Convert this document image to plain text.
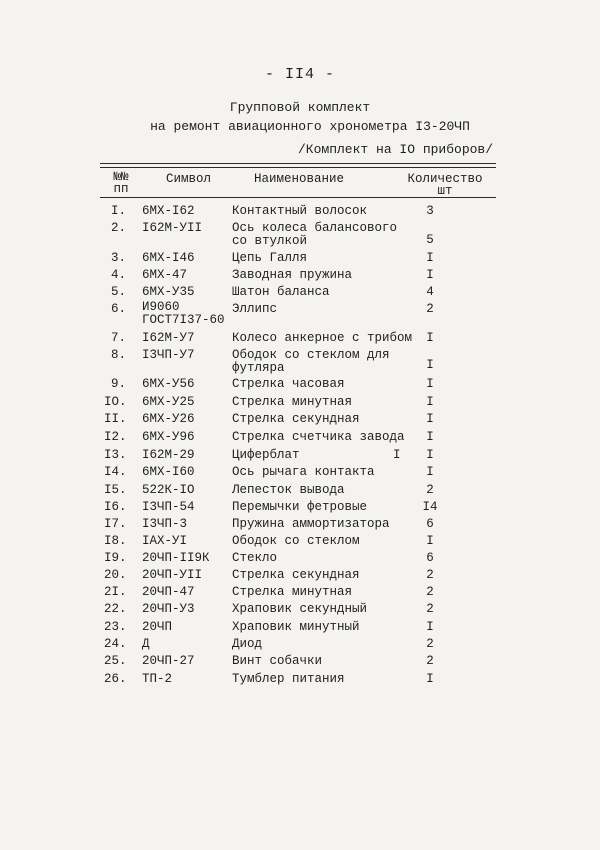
- II4 -
Групповой комплект
на ремонт авиационного хронометра I3-20ЧП
/Комплект на IO приборов/
№№
пп
Символ	Наименование	Количество
шт
I. 6МХ-I62	Контактный волосок	3
2. I62М-УII	Ось колеса балансового
со втулкой	5
3. 6МХ-I46	Цепь Галля	I
4. 6МХ-47	Заводная пружина	I
5. 6МХ-У35	Шатон баланса	4
6. И9060
ГОСТ7I37-60
Эллипс	2
7. I62М-У7	Колесо анкерное с трибом	I
8. I3ЧП-У7	Ободок со стеклом для
футляра	I
9. 6МХ-У56	Стрелка часовая	I
IO. 6МХ-У25	Стрелка минутная	I
II. 6МХ-У26	Стрелка секундная	I
I2. 6МХ-У96	Стрелка счетчика завода	I
I3. I62М-29	Циферблат	I	I
I4. 6МХ-I60	Ось рычага контакта	I
I5. 522К-IO	Лепесток вывода	2
I6. I3ЧП-54	Перемычки фетровые	I4
I7. I3ЧП-3	Пружина аммортизатора	6
I8. IАХ-УI	Ободок со стеклом	I
I9. 20ЧП-II9К	Стекло	6
20. 20ЧП-УII	Стрелка секундная	2
2I. 20ЧП-47	Стрелка минутная	2
22. 20ЧП-У3	Храповик секундный	2
23. 20ЧП	Храповик минутный	I
24. Д	Диод	2
25. 20ЧП-27	Винт собачки	2
26. ТП-2	Тумблер питания	I
